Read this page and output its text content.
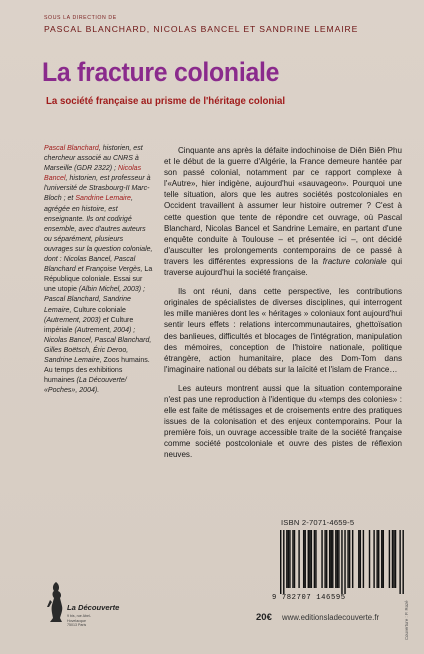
SOUS LA DIRECTION DE
PASCAL BLANCHARD, NICOLAS BANCEL ET SANDRINE LEMAIRE
La fracture coloniale
La société française au prisme de l'héritage colonial
Pascal Blanchard, historien, est chercheur associé au CNRS à Marseille (GDR 2322) ; Nicolas Bancel, historien, est professeur à l'université de Strasbourg-II Marc-Bloch ; et Sandrine Lemaire, agrégée en histoire, est enseignante. Ils ont codirigé ensemble, avec d'autres auteurs ou séparément, plusieurs ouvrages sur la question coloniale, dont : Nicolas Bancel, Pascal Blanchard et Françoise Vergès, La République coloniale. Essai sur une utopie (Albin Michel, 2003) ; Pascal Blanchard, Sandrine Lemaire, Culture coloniale (Autrement, 2003) et Culture impériale (Autrement, 2004) ; Nicolas Bancel, Pascal Blanchard, Gilles Boëtsch, Éric Deroo, Sandrine Lemaire, Zoos humains. Au temps des exhibitions humaines (La Découverte/ «Poches», 2004).

Cinquante ans après la défaite indochinoise de Diên Biên Phu et le début de la guerre d'Algérie, la France demeure hantée par son passé colonial, notamment par ce rapport complexe à l'«Autre», hier indigène, aujourd'hui «sauvageon». Pourquoi une telle situation, alors que les autres sociétés postcoloniales en Occident travaillent à assumer leur histoire outremer ? C'est à cette question que tente de répondre cet ouvrage, où Pascal Blanchard, Nicolas Bancel et Sandrine Lemaire, en partant d'une enquête conduite à Toulouse – et présentée ici –, ont décidé d'ausculter les prolongements contemporains de ce passé à travers les différentes expressions de la fracture coloniale qui traverse aujourd'hui la société française.

Ils ont réuni, dans cette perspective, les contributions originales de spécialistes de diverses disciplines, qui interrogent les mille manières dont les « héritages » coloniaux font aujourd'hui sentir leurs effets : relations intercommunautaires, ghettoïsation des banlieues, difficultés et blocages de l'intégration, manipulation des mémoires, conception de l'histoire nationale, politique étrangère, action humanitaire, place des Dom-Tom dans l'imaginaire national ou débats sur la laïcité et l'islam de France…

Les auteurs montrent aussi que la situation contemporaine n'est pas une reproduction à l'identique du «temps des colonies» : elle est faite de métissages et de croisements entre des pratiques issues de la colonisation et des enjeux contemporains. Pour la première fois, un ouvrage accessible traite de la société française comme société postcoloniale et ouvre des pistes de réflexion neuves.

ISBN 2-7071-4659-5
9 782707 146595
20€ www.editionsladecouverte.fr	Couverture : P. Rozé
La Découverte
9 bis, rue Abel-Hovelacque
75013 Paris
